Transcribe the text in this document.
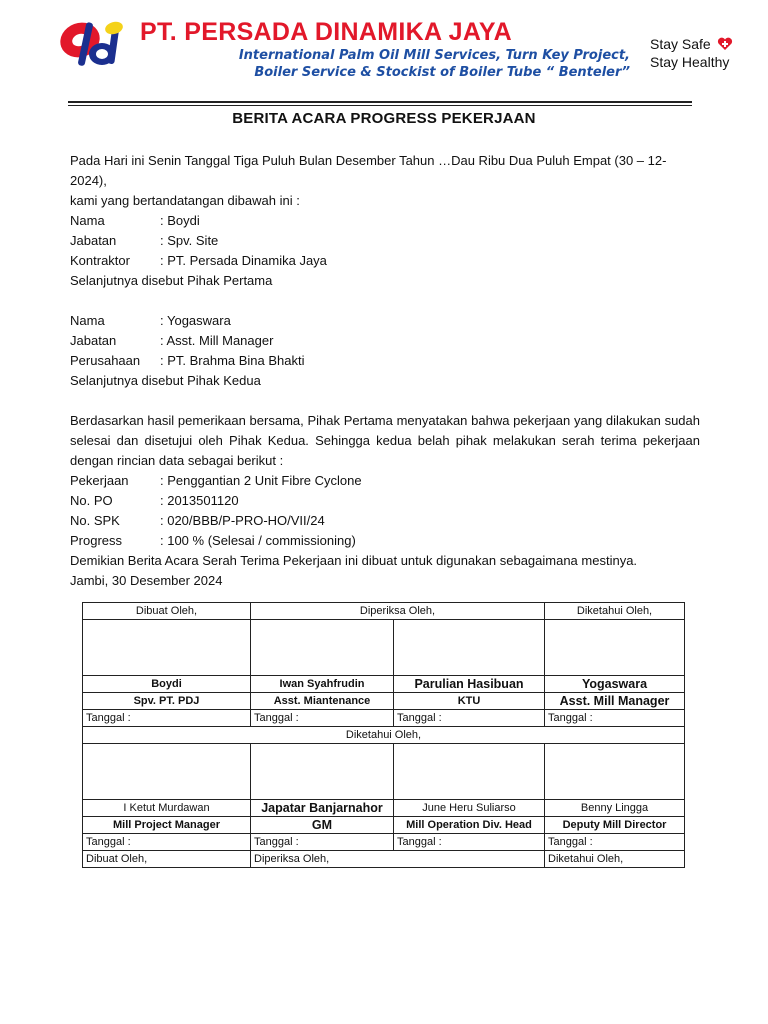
PT. PERSADA DINAMIKA JAYA
International Palm Oil Mill Services, Turn Key Project,
Boiler Service & Stockist of Boiler Tube “ Benteler”
Stay Safe
Stay Healthy
BERITA ACARA PROGRESS PEKERJAAN
Pada Hari ini Senin Tanggal Tiga Puluh Bulan Desember Tahun …Dau Ribu Dua Puluh Empat (30 – 12- 2024),
kami yang bertandatangan dibawah ini :
Nama	: Boydi
Jabatan	: Spv. Site
Kontraktor	: PT. Persada Dinamika Jaya
Selanjutnya disebut Pihak Pertama
Nama	: Yogaswara
Jabatan	: Asst. Mill Manager
Perusahaan	: PT. Brahma Bina Bhakti
Selanjutnya disebut Pihak Kedua
Berdasarkan hasil pemerikaan bersama, Pihak Pertama menyatakan bahwa pekerjaan yang dilakukan sudah selesai dan disetujui oleh Pihak Kedua. Sehingga kedua belah pihak melakukan serah terima pekerjaan dengan rincian data sebagai berikut :
Pekerjaan	: Penggantian 2 Unit Fibre Cyclone
No. PO	: 2013501120
No. SPK	: 020/BBB/P-PRO-HO/VII/24
Progress	: 100 % (Selesai / commissioning)
Demikian Berita Acara Serah Terima Pekerjaan ini dibuat untuk digunakan sebagaimana mestinya.
Jambi, 30 Desember 2024
Dibuat Oleh,	Diperiksa Oleh,		Diketahui Oleh,

Boydi	Iwan Syahfrudin	Parulian Hasibuan	Yogaswara
Spv. PT. PDJ	Asst. Miantenance	KTU	Asst. Mill Manager
Tanggal :	Tanggal :	Tanggal :	Tanggal :
Diketahui Oleh,			

I Ketut Murdawan	Japatar Banjarnahor	June Heru Suliarso	Benny Lingga
Mill Project Manager	GM	Mill Operation Div. Head	Deputy Mill Director
Tanggal :	Tanggal :	Tanggal :	Tanggal :
Dibuat Oleh,	Diperiksa Oleh,		Diketahui Oleh,
